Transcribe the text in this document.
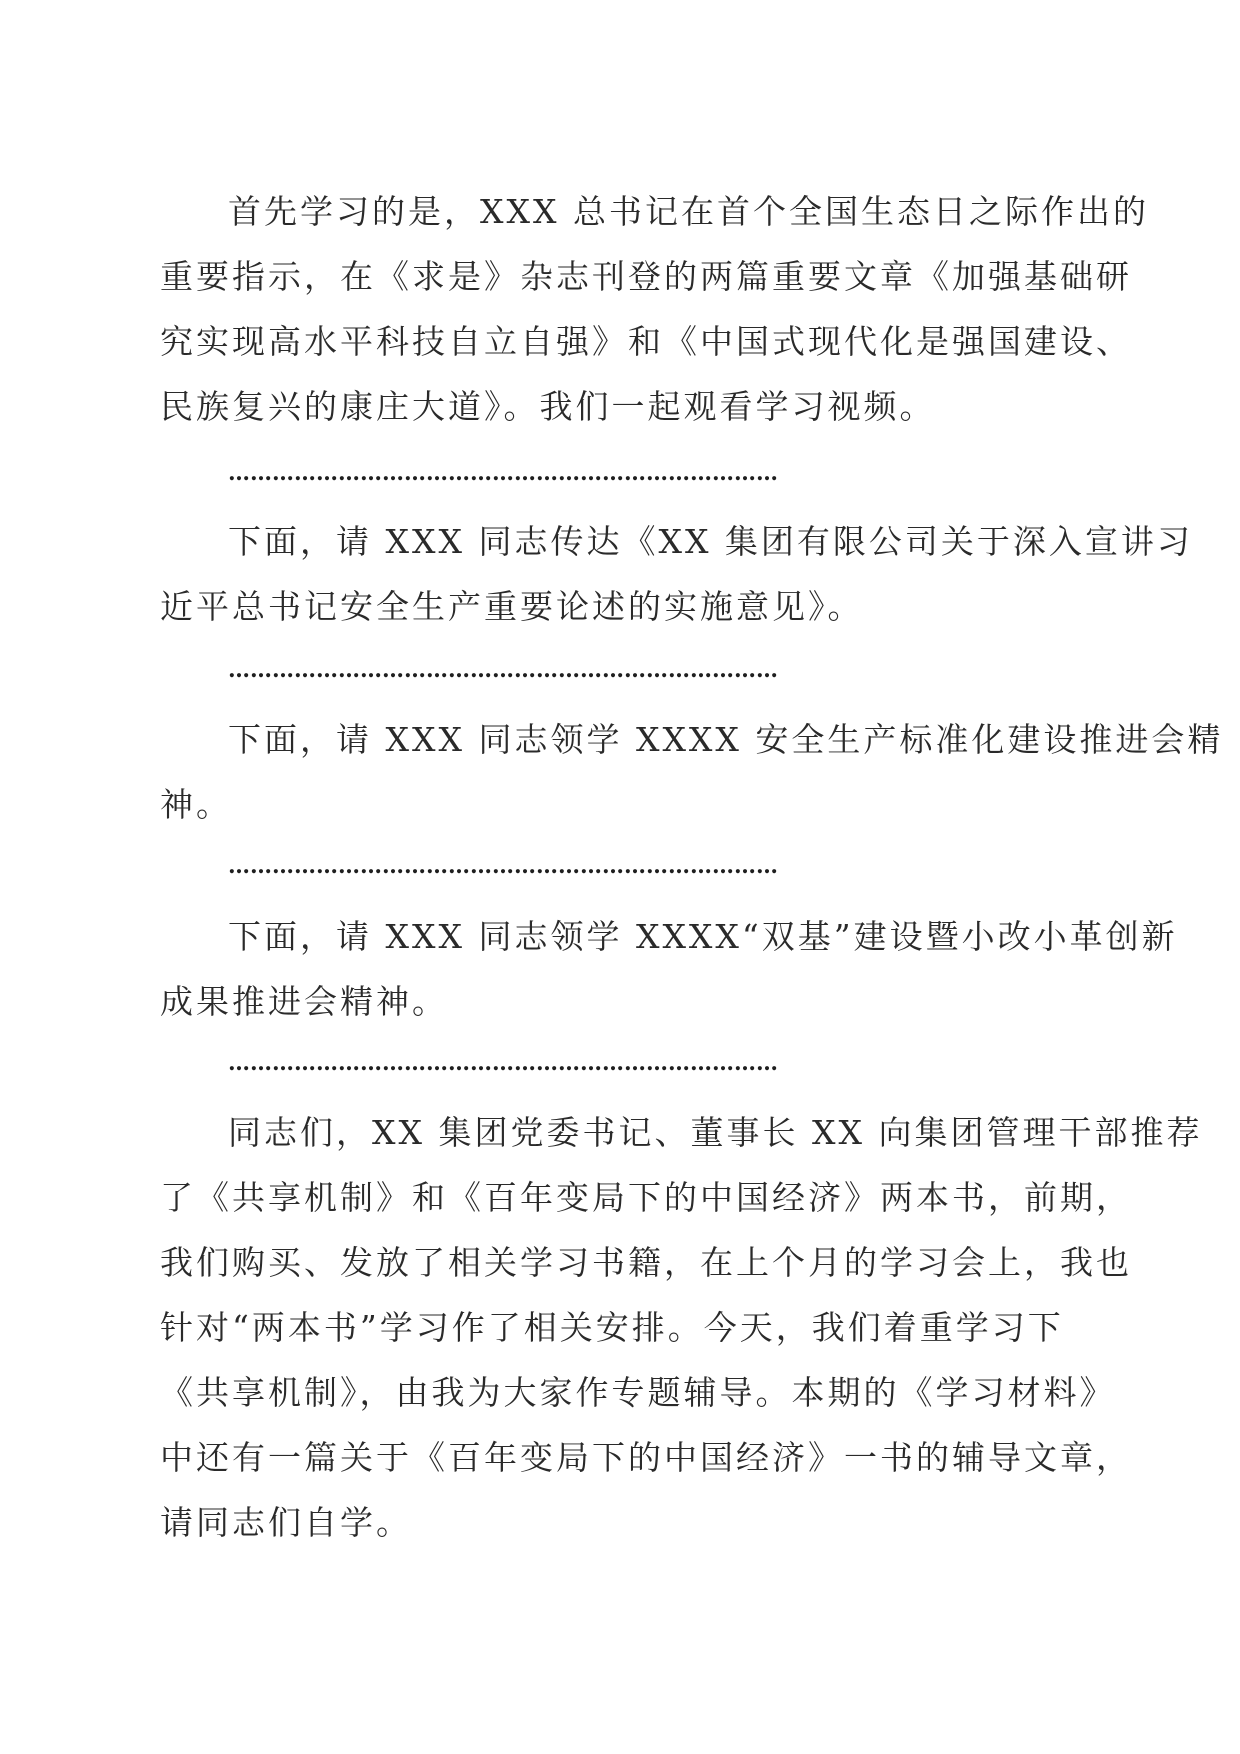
首先学习的是，XXX 总书记在首个全国生态日之际作出的
重要指示，在《求是》杂志刊登的两篇重要文章《加强基础研
究实现高水平科技自立自强》和《中国式现代化是强国建设、
民族复兴的康庄大道》。我们一起观看学习视频。
…………………………………………………………………
下面，请 XXX 同志传达《XX 集团有限公司关于深入宣讲习
近平总书记安全生产重要论述的实施意见》。
…………………………………………………………………
下面，请 XXX 同志领学 XXXX 安全生产标准化建设推进会精
神。
…………………………………………………………………
下面，请 XXX 同志领学 XXXX“双基”建设暨小改小革创新
成果推进会精神。
…………………………………………………………………
同志们，XX 集团党委书记、董事长 XX 向集团管理干部推荐
了《共享机制》和《百年变局下的中国经济》两本书，前期，
我们购买、发放了相关学习书籍，在上个月的学习会上，我也
针对“两本书”学习作了相关安排。今天，我们着重学习下
《共享机制》，由我为大家作专题辅导。本期的《学习材料》
中还有一篇关于《百年变局下的中国经济》一书的辅导文章，
请同志们自学。
